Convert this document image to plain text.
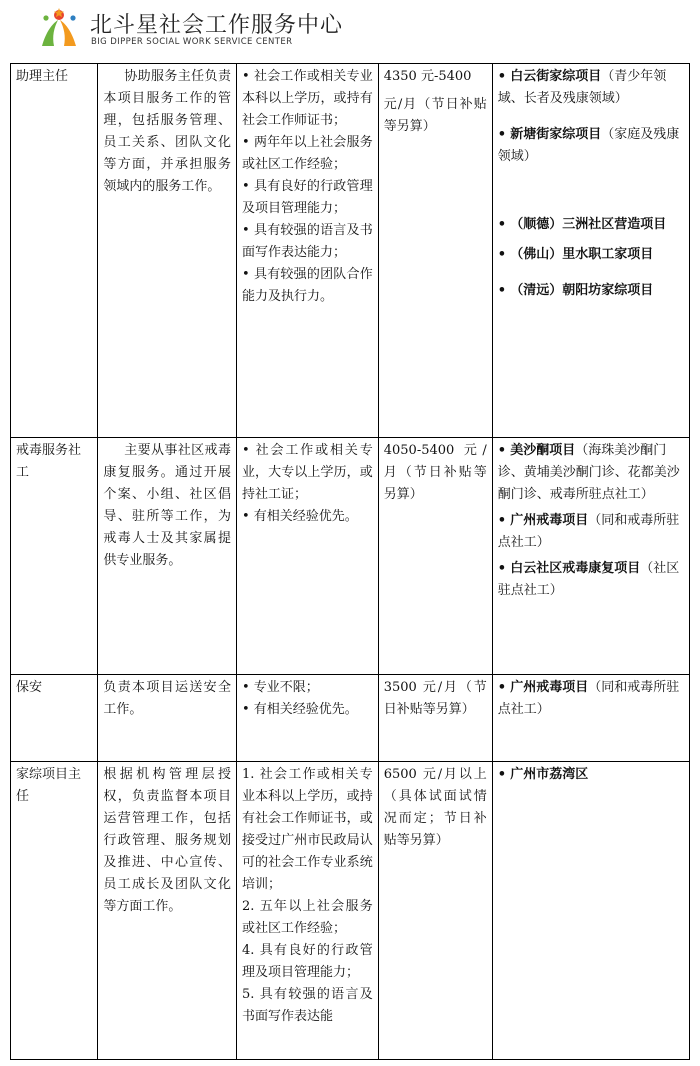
北斗星社会工作服务中心
BIG DIPPER SOCIAL WORK SERVICE CENTER
助理主任	协助服务主任负责本项目服务工作的管理，包括服务管理、员工关系、团队文化等方面，并承担服务领域内的服务工作。	• 社会工作或相关专业本科以上学历，或持有社会工作师证书；
• 两年年以上社会服务或社区工作经验；
• 具有良好的行政管理及项目管理能力；
• 具有较强的语言及书面写作表达能力；
• 具有较强的团队合作能力及执行力。	4350 元-5400
元/月（节日补贴等另算）	• 白云街家综项目（青少年领域、长者及残康领域）
• 新塘街家综项目（家庭及残康领域）
• （顺德）三洲社区营造项目
• （佛山）里水职工家项目
• （清远）朝阳坊家综项目

戒毒服务社工	主要从事社区戒毒康复服务。通过开展个案、小组、社区倡导、驻所等工作，为戒毒人士及其家属提供专业服务。	• 社会工作或相关专业，大专以上学历，或持社工证；
• 有相关经验优先。	4050-5400 元/月（节日补贴等另算）	• 美沙酮项目（海珠美沙酮门诊、黄埔美沙酮门诊、花都美沙酮门诊、戒毒所驻点社工）
• 广州戒毒项目（同和戒毒所驻点社工）
• 白云社区戒毒康复项目（社区驻点社工）

保安	负责本项目运送安全工作。	• 专业不限；
• 有相关经验优先。	3500 元/月（节日补贴等另算）	• 广州戒毒项目（同和戒毒所驻点社工）

家综项目主任	根据机构管理层授权，负责监督本项目运营管理工作，包括行政管理、服务规划及推进、中心宣传、员工成长及团队文化等方面工作。	1. 社会工作或相关专业本科以上学历，或持有社会工作师证书，或接受过广州市民政局认可的社会工作专业系统培训；
2. 五年以上社会服务或社区工作经验；
4. 具有良好的行政管理及项目管理能力；
5. 具有较强的语言及书面写作表达能	6500 元/月以上（具体试面试情况而定；节日补贴等另算）	• 广州市荔湾区
